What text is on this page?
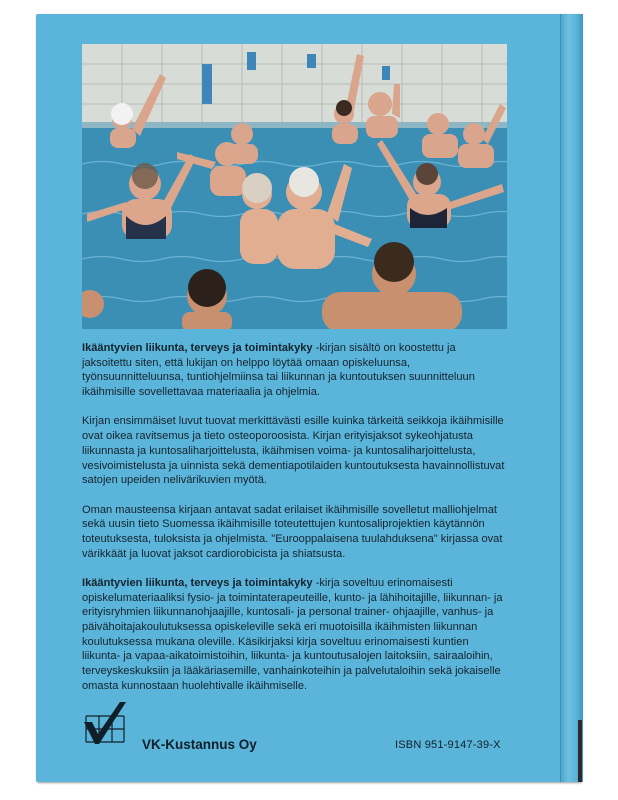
Ikääntyvien liikunta, terveys ja toimintakyky -kirjan sisältö on koostettu ja jaksoitettu siten, että lukijan on helppo löytää omaan opiskeluunsa, työnsuunnitteluunsa, tuntiohjelmiinsa tai liikunnan ja kuntoutuksen suunnitteluun ikäihmisille sovellettavaa materiaalia ja ohjelmia.

Kirjan ensimmäiset luvut tuovat merkittävästi esille kuinka tärkeitä seikkoja ikäihmisille ovat oikea ravitsemus ja tieto osteoporoosista. Kirjan erityisjaksot sykeohjatusta liikunnasta ja kuntosaliharjoittelusta, ikäihmisen voima- ja kuntosaliharjoittelusta, vesivoimistelusta ja uinnista sekä dementiapotilaiden kuntoutuksesta havainnollistuvat satojen upeiden nelivärikuvien myötä.

Oman mausteensa kirjaan antavat sadat erilaiset ikäihmisille sovelletut malliohjelmat sekä uusin tieto Suomessa ikäihmisille toteutettujen kuntosaliprojektien käytännön toteutuksesta, tuloksista ja ohjelmista. "Eurooppalaisena tuulahduksena" kirjassa ovat värikkäät ja luovat jaksot cardiorobicista ja shiatsusta.

Ikääntyvien liikunta, terveys ja toimintakyky -kirja soveltuu erinomaisesti opiskelumateriaaliksi fysio- ja toimintaterapeuteille, kunto- ja lähihoitajille, liikunnan- ja erityisryhmien liikunnanohjaajille, kuntosali- ja personal trainer- ohjaajille, vanhus- ja päivähoitajakoulutuksessa opiskeleville sekä eri muotoisilla ikäihmisten liikunnan koulutuksessa mukana oleville. Käsikirjaksi kirja soveltuu erinomaisesti kuntien liikunta- ja vapaa-aikatoimistoihin, liikunta- ja kuntoutusalojen laitoksiin, sairaaloihin, terveyskeskuksiin ja lääkäriasemille, vanhainkoteihin ja palvelutaloihin sekä jokaiselle omasta kunnostaan huolehtivalle ikäihmiselle.

VK-Kustannus Oy	ISBN 951-9147-39-X
